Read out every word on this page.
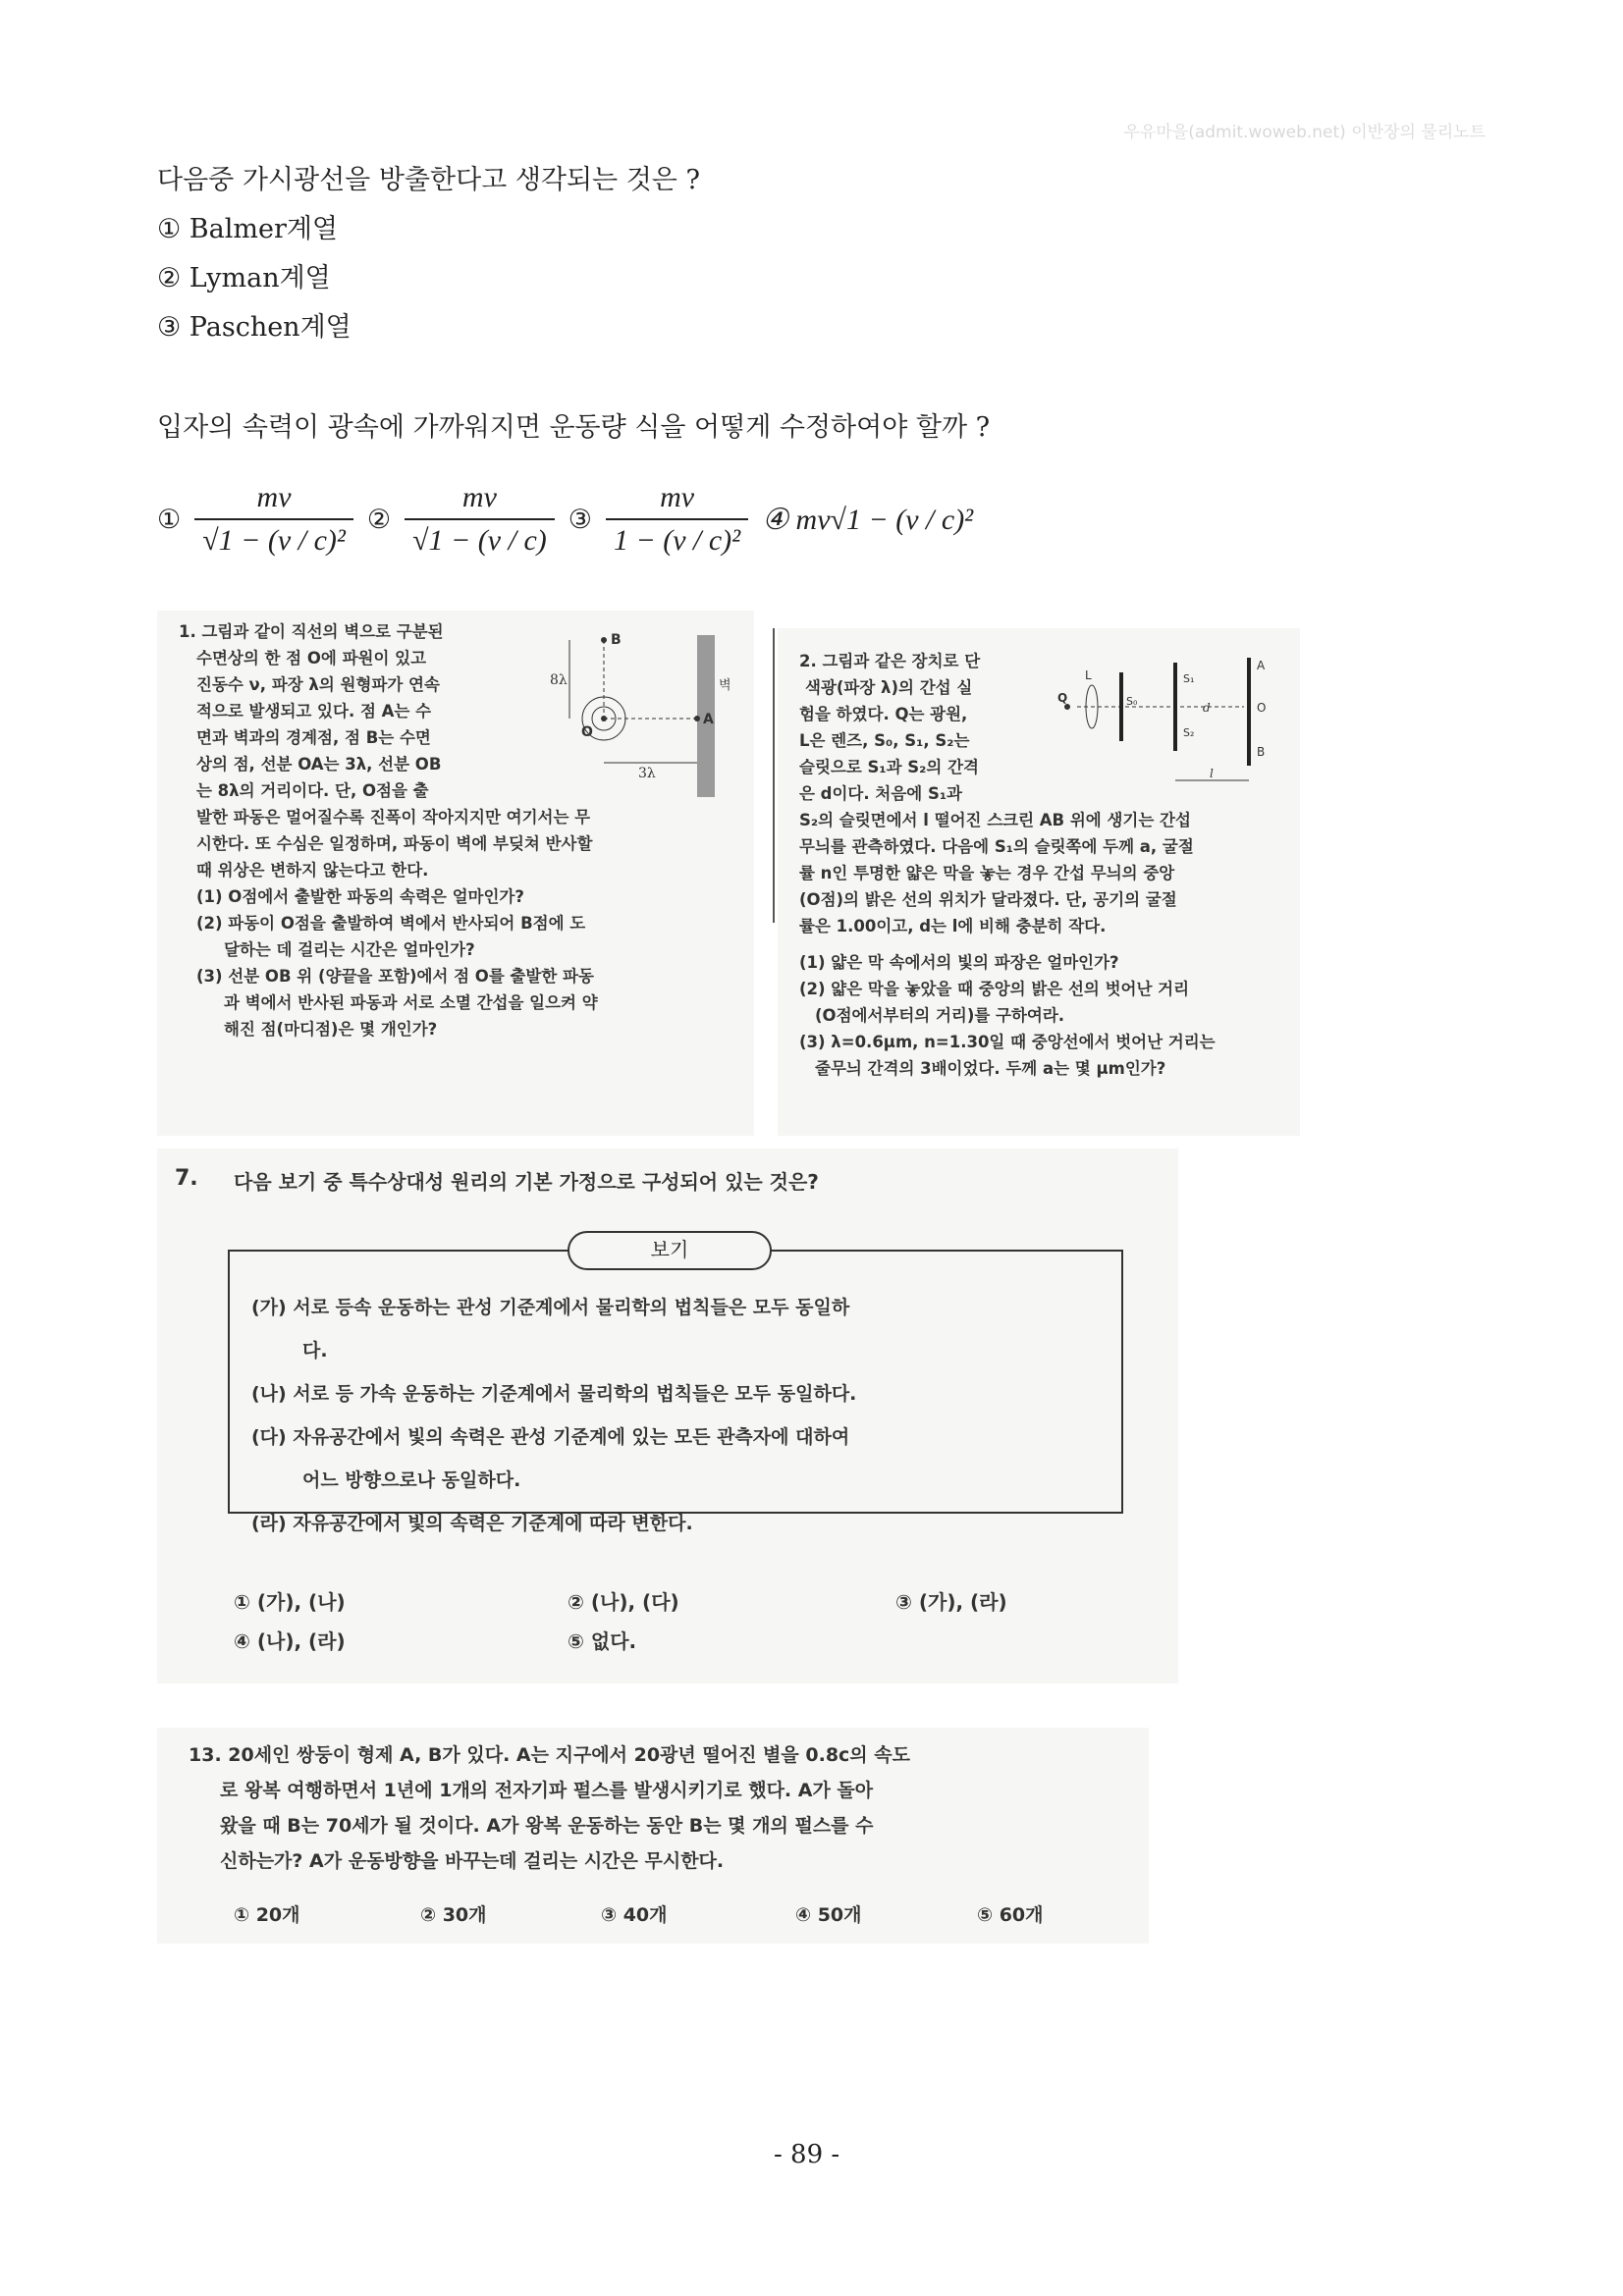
우유마을(admit.woweb.net) 이반장의 물리노트
다음중 가시광선을 방출한다고 생각되는 것은 ?
① Balmer계열
② Lyman계열
③ Paschen계열
입자의 속력이 광속에 가까워지면 운동량 식을 어떻게 수정하여야 할까 ?
① $\frac{mv}{\text{√1 − (v / c)²}}$ ② $\frac{mv}{√1 - (v / c)}$ ③ $\frac{mv}{\text{1 − (v / c)²}}$ ④ mv√1 − (v / c)²
1. 그림과 같이 직선의 벽으로 구분된
수면상의 한 점 O에 파원이 있고
진동수 ν, 파장 λ의 원형파가 연속
적으로 발생되고 있다. 점 A는 수
면과 벽과의 경계점, 점 B는 수면
상의 점, 선분 OA는 3λ, 선분 OB
는 8λ의 거리이다. 단, O점을 출
발한 파동은 멀어질수록 진폭이 작아지지만 여기서는 무
시한다. 또 수심은 일정하며, 파동이 벽에 부딪쳐 반사할
때 위상은 변하지 않는다고 한다.
(1) O점에서 출발한 파동의 속력은 얼마인가?
(2) 파동이 O점을 출발하여 벽에서 반사되어 B점에 도
달하는 데 걸리는 시간은 얼마인가?
(3) 선분 OB 위 (양끝을 포함)에서 점 O를 출발한 파동
과 벽에서 반사된 파동과 서로 소멸 간섭을 일으켜 약
해진 점(마디점)은 몇 개인가?
B
A
O
8λ
3λ
벽
2. 그림과 같은 장치로 단
색광(파장 λ)의 간섭 실
험을 하였다. Q는 광원,
L은 렌즈, S₀, S₁, S₂는
슬릿으로 S₁과 S₂의 간격
은 d이다. 처음에 S₁과
S₂의 슬릿면에서 l 떨어진 스크린 AB 위에 생기는 간섭
무늬를 관측하였다. 다음에 S₁의 슬릿쪽에 두께 a, 굴절
률 n인 투명한 얇은 막을 놓는 경우 간섭 무늬의 중앙
(O점)의 밝은 선의 위치가 달라졌다. 단, 공기의 굴절
률은 1.00이고, d는 l에 비해 충분히 작다.
(1) 얇은 막 속에서의 빛의 파장은 얼마인가?
(2) 얇은 막을 놓았을 때 중앙의 밝은 선의 벗어난 거리
(O점에서부터의 거리)를 구하여라.
(3) λ=0.6μm, n=1.30일 때 중앙선에서 벗어난 거리는
줄무늬 간격의 3배이었다. 두께 a는 몇 μm인가?
L
Q	S₀
S₁
S₂
d
l
A
O
B
7. 다음 보기 중 특수상대성 원리의 기본 가정으로 구성되어 있는 것은?
보기
(가) 서로 등속 운동하는 관성 기준계에서 물리학의 법칙들은 모두 동일하
다.
(나) 서로 등 가속 운동하는 기준계에서 물리학의 법칙들은 모두 동일하다.
(다) 자유공간에서 빛의 속력은 관성 기준계에 있는 모든 관측자에 대하여
어느 방향으로나 동일하다.
(라) 자유공간에서 빛의 속력은 기준계에 따라 변한다.
① (가), (나)	② (나), (다)	③ (가), (라)
④ (나), (라)	⑤ 없다.
13. 20세인 쌍둥이 형제 A, B가 있다. A는 지구에서 20광년 떨어진 별을 0.8c의 속도
로 왕복 여행하면서 1년에 1개의 전자기파 펄스를 발생시키기로 했다. A가 돌아
왔을 때 B는 70세가 될 것이다. A가 왕복 운동하는 동안 B는 몇 개의 펄스를 수
신하는가? A가 운동방향을 바꾸는데 걸리는 시간은 무시한다.
① 20개	② 30개	③ 40개	④ 50개	⑤ 60개
- 89 -
